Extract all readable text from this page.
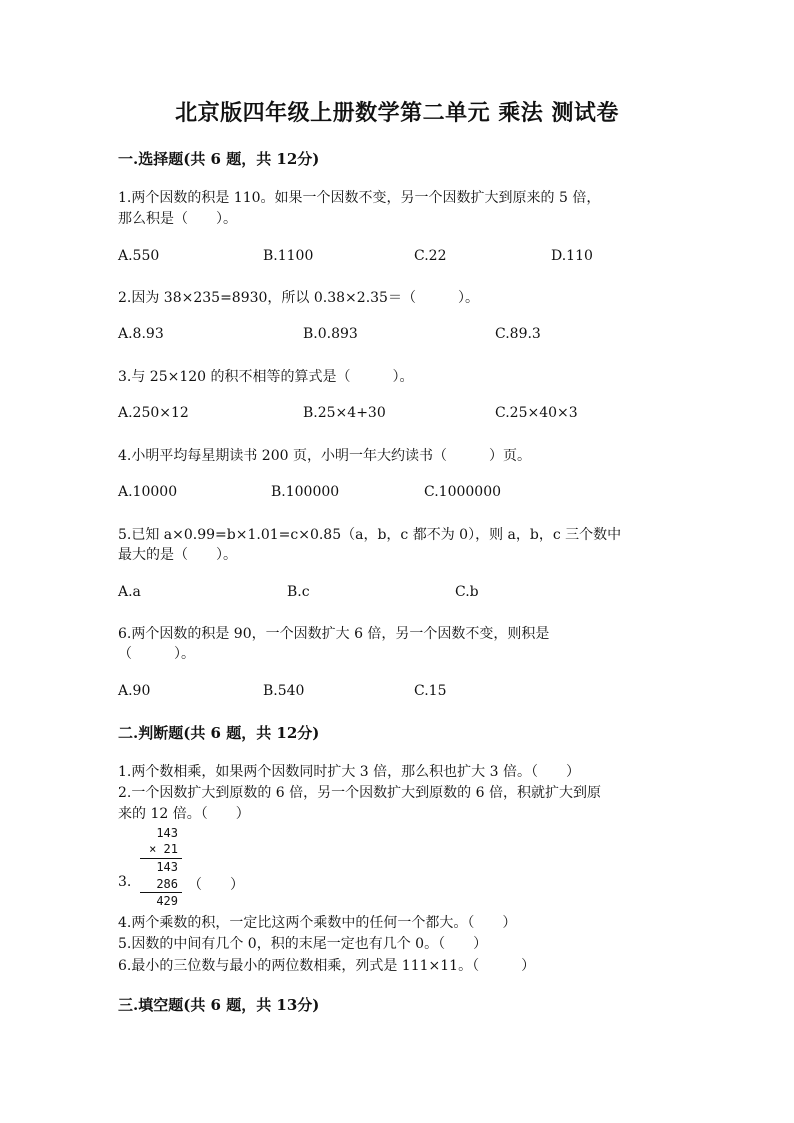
北京版四年级上册数学第二单元 乘法 测试卷
一.选择题(共 6 题，共 12分)
1.两个因数的积是 110。如果一个因数不变，另一个因数扩大到原来的 5 倍，
那么积是（　　）。
A.550	B.1100	C.22	D.110
2.因为 38×235=8930，所以 0.38×2.35＝（　　　）。
A.8.93	B.0.893	C.89.3
3.与 25×120 的积不相等的算式是（　　　）。
A.250×12	B.25×4+30	C.25×40×3
4.小明平均每星期读书 200 页，小明一年大约读书（　　　）页。
A.10000	B.100000	C.1000000
5.已知 a×0.99=b×1.01=c×0.85（a，b，c 都不为 0），则 a，b，c 三个数中
最大的是（　　）。
A.a	B.c	C.b
6.两个因数的积是 90，一个因数扩大 6 倍，另一个因数不变，则积是
（　　　）。
A.90	B.540	C.15
二.判断题(共 6 题，共 12分)
1.两个数相乘，如果两个因数同时扩大 3 倍，那么积也扩大 3 倍。（　　）
2.一个因数扩大到原数的 6 倍，另一个因数扩大到原数的 6 倍，积就扩大到原
来的 12 倍。（　　）
143
× 21
143
286
429
3.	（　　）
4.两个乘数的积，一定比这两个乘数中的任何一个都大。（　　）
5.因数的中间有几个 0，积的末尾一定也有几个 0。（　　）
6.最小的三位数与最小的两位数相乘，列式是 111×11。（　　　）
三.填空题(共 6 题，共 13分)
